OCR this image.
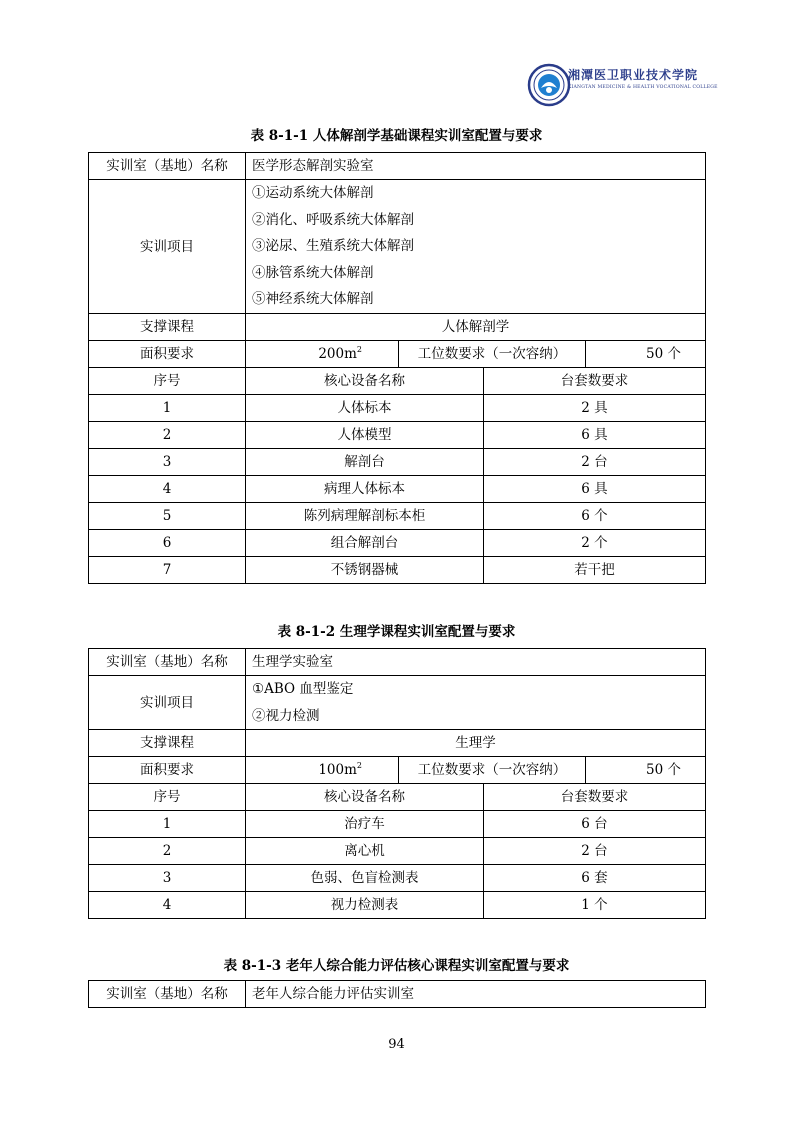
湘潭医卫职业技术学院
XIANGTAN MEDICINE & HEALTH VOCATIONAL COLLEGE
表 8-1-1 人体解剖学基础课程实训室配置与要求
实训室（基地）名称	医学形态解剖实验室			
实训项目	①运动系统大体解剖
②消化、呼吸系统大体解剖
③泌尿、生殖系统大体解剖
④脉管系统大体解剖
⑤神经系统大体解剖			

支撑课程	人体解剖学			
面积要求	$200m^2$	工位数要求（一次容纳）		50 个
序号	核心设备名称		台套数要求	
1	人体标本		2 具	
2	人体模型		6 具	
3	解剖台		2 台	
4	病理人体标本		6 具	
5	陈列病理解剖标本柜		6 个	
6	组合解剖台		2 个	
7	不锈钢器械		若干把	
表 8-1-2 生理学课程实训室配置与要求
实训室（基地）名称	生理学实验室			
实训项目	①ABO 血型鉴定
②视力检测			

支撑课程	生理学			
面积要求	$100m^2$	工位数要求（一次容纳）		50 个
序号	核心设备名称		台套数要求	
1	治疗车		6 台	
2	离心机		2 台	
3	色弱、色盲检测表		6 套	
4	视力检测表		1 个	
表 8-1-3 老年人综合能力评估核心课程实训室配置与要求
实训室（基地）名称	老年人综合能力评估实训室
94
